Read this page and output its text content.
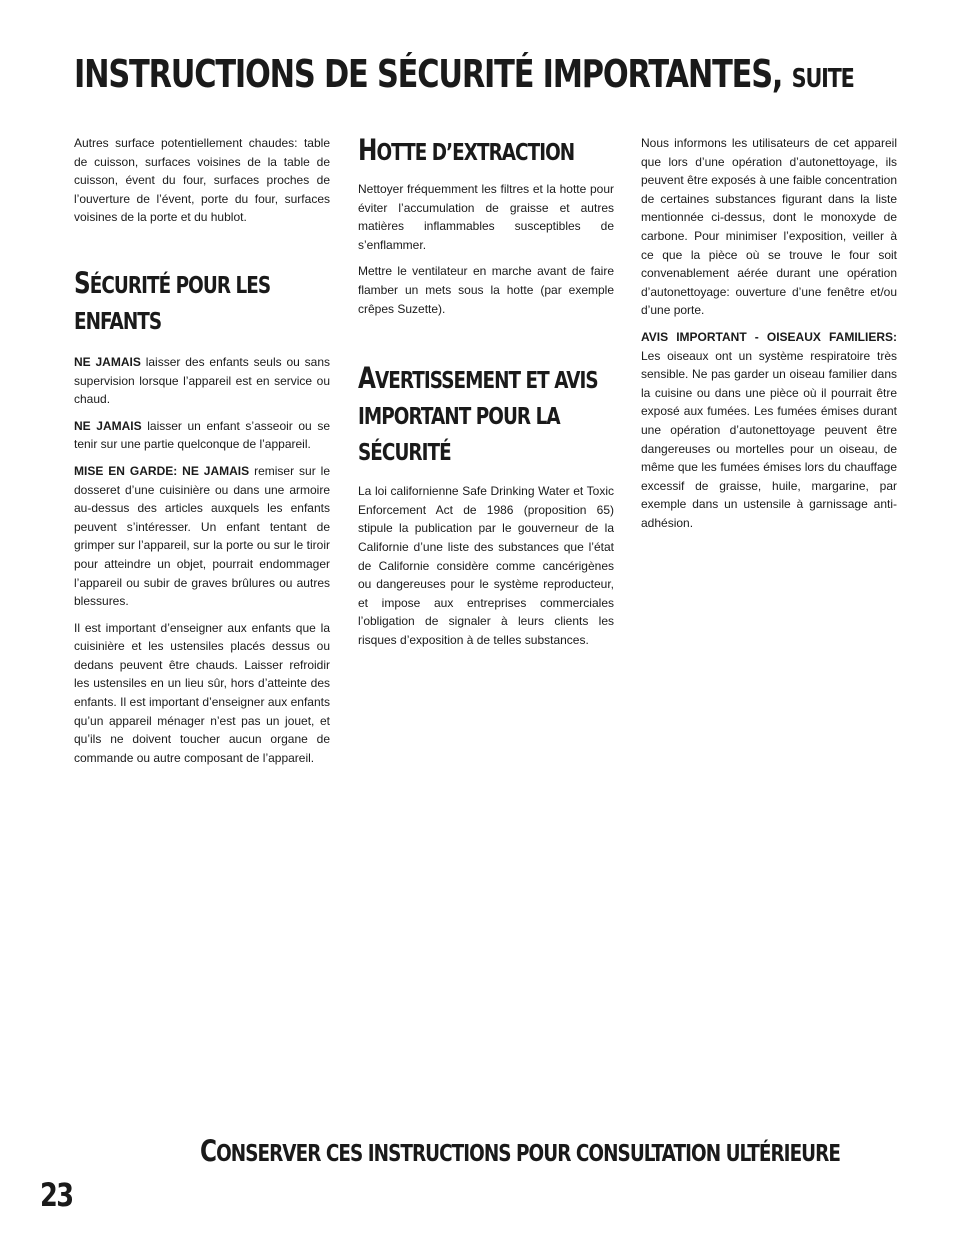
INSTRUCTIONS DE SÉCURITÉ IMPORTANTES, SUITE

Autres surface potentiellement chaudes: table de cuisson, surfaces voisines de la table de cuisson, évent du four, surfaces proches de l’ouverture de l’évent, porte du four, surfaces voisines de la porte et du hublot.

SÉCURITÉ POUR LES ENFANTS

NE JAMAIS laisser des enfants seuls ou sans supervision lorsque l’appareil est en service ou chaud.

NE JAMAIS laisser un enfant s’asseoir ou se tenir sur une partie quelconque de l’appareil.

MISE EN GARDE: NE JAMAIS remiser sur le dosseret d’une cuisinière ou dans une armoire au-dessus des articles auxquels les enfants peuvent s’intéresser. Un enfant tentant de grimper sur l’appareil, sur la porte ou sur le tiroir pour atteindre un objet, pourrait endommager l’appareil ou subir de graves brûlures ou autres blessures.

Il est important d’enseigner aux enfants que la cuisinière et les ustensiles placés dessus ou dedans peuvent être chauds. Laisser refroidir les ustensiles en un lieu sûr, hors d’atteinte des enfants. Il est important d’enseigner aux enfants qu’un appareil ménager n’est pas un jouet, et qu’ils ne doivent toucher aucun organe de commande ou autre composant de l’appareil.

HOTTE D’EXTRACTION

Nettoyer fréquemment les filtres et la hotte pour éviter l’accumulation de graisse et autres matières inflammables susceptibles de s’enflammer.

Mettre le ventilateur en marche avant de faire flamber un mets sous la hotte (par exemple crêpes Suzette).

AVERTISSEMENT ET AVIS IMPORTANT POUR LA SÉCURITÉ

La loi californienne Safe Drinking Water et Toxic Enforcement Act de 1986 (proposition 65) stipule la publication par le gouverneur de la Californie d’une liste des substances que l’état de Californie considère comme cancérigènes ou dangereuses pour le système reproducteur, et impose aux entreprises commerciales l’obligation de signaler à leurs clients les risques d’exposition à de telles substances.

Nous informons les utilisateurs de cet appareil que lors d’une opération d’autonettoyage, ils peuvent être exposés à une faible concentration de certaines substances figurant dans la liste mentionnée ci-dessus, dont le monoxyde de carbone. Pour minimiser l’exposition, veiller à ce que la pièce où se trouve le four soit convenablement aérée durant une opération d’autonettoyage: ouverture d’une fenêtre et/ou d’une porte.

AVIS IMPORTANT - OISEAUX FAMILIERS: Les oiseaux ont un système respiratoire très sensible. Ne pas garder un oiseau familier dans la cuisine ou dans une pièce où il pourrait être exposé aux fumées. Les fumées émises durant une opération d’autonettoyage peuvent être dangereuses ou mortelles pour un oiseau, de même que les fumées émises lors du chauffage excessif de graisse, huile, margarine, par exemple dans un ustensile à garnissage anti-adhésion.

CONSERVER CES INSTRUCTIONS POUR CONSULTATION ULTÉRIEURE
23
